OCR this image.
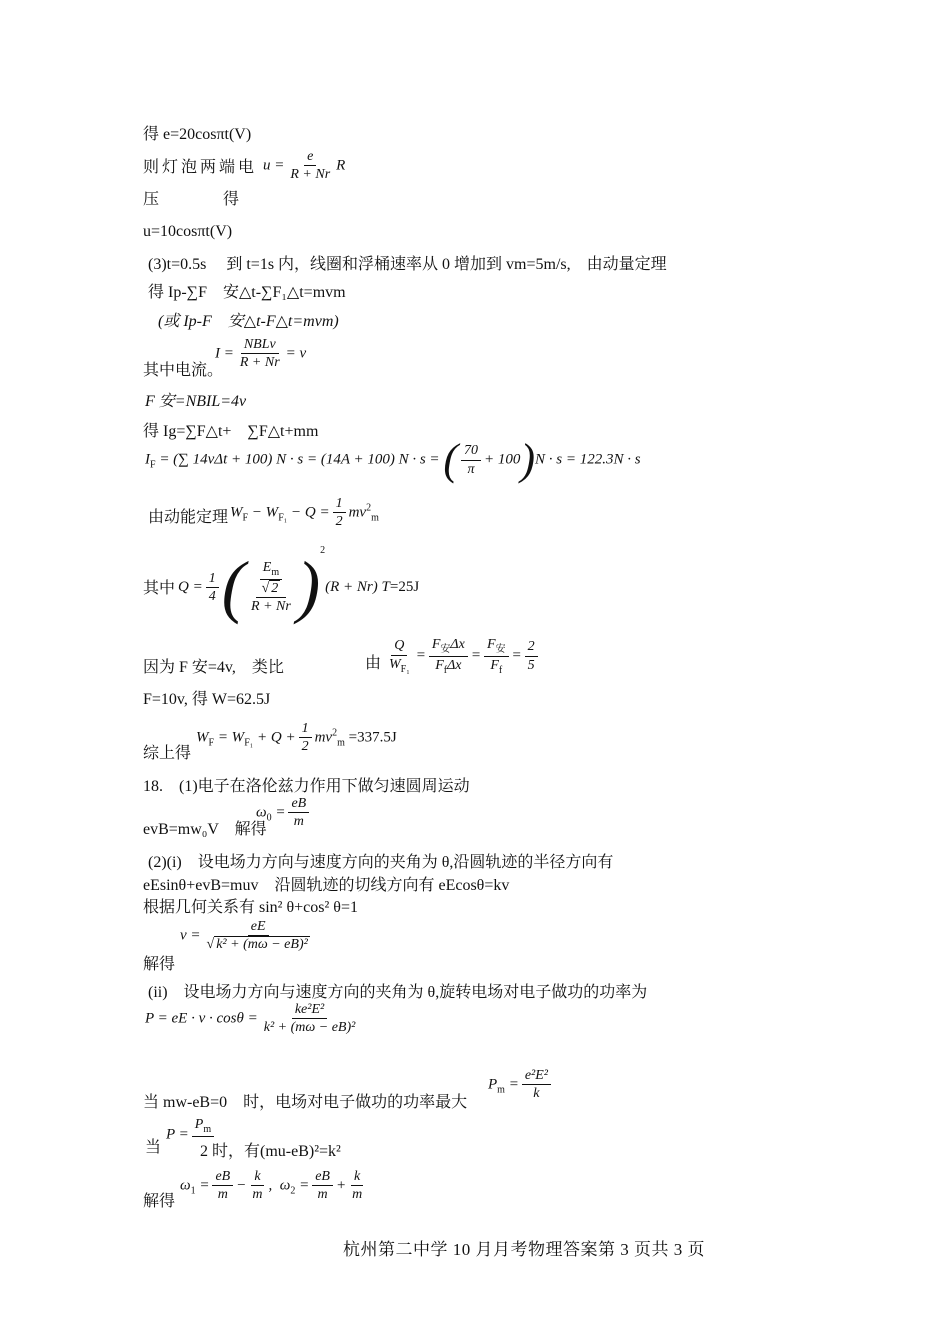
得 e=20cosπt(V)
则灯泡两端电 $u = \frac{e}{R + Nr}$ R
压　　　　得
u=10cosπt(V)
(3)t=0.5s　 到 t=1s 内，线圈和浮桶速率从 0 增加到 vm=5m/s,　由动量定理
得 Ip-∑F　安△t-∑F₁△t=mvm
(或 Ip-F　安△t-F△t=mvm)
其中电流。
$I = \frac{\text{NBLv}}{R + Nr} = v$
F 安=NBIL=4v
得 Ig=∑F△t+　∑F△t+mm
$I_F$ = (∑ 14vΔt + 100) N · s = (14A + 100) N · s = ( $\frac{70}{\pi} + 100)N \cdot s = 122.3N \cdot s$
由动能定理 $W_F - W_{F_1} - Q = \frac{1}{2} mv^2_m$
其中 $Q = \frac{1}{4}$ ( $\frac{\frac{E_m}{√ 2}}{R + Nr} )^2(R + Nr)$ T=25J
因为 F 安=4v,　类比	由 $\frac{Q}{W_{F_1}} = \frac{F_安\Delta x}{F_f\Delta x} = \frac{F_安}{F_f} = \frac{2}{5}$
F=10v, 得 W=62.5J
综上得
$W_F = W_{F_1} + Q + \frac{1}{2} mv^2_m =337.5J$
18.　(1)电子在洛伦兹力作用下做匀速圆周运动
evB=mw₀V　解得
$\omega_0 = \frac{eB}{m}$
(2)(i)　设电场力方向与速度方向的夹角为 θ,沿圆轨迹的半径方向有
eEsinθ+evB=muv　沿圆轨迹的切线方向有 eEcosθ=kv
根据几何关系有 sin² θ+cos² θ=1
解得
$v = \frac{eE}{\text{√ k² + (mω − eB)²}}$
(ii)　设电场力方向与速度方向的夹角为 θ,旋转电场对电子做功的功率为
P = eE · $v \cdot \cos\theta = \frac{\text{ke²E²}}{\text{k² + (mω − eB)²}}$
当 mw-eB=0　时，电场对电子做功的功率最大
$P_m = \frac{\text{e²E²}}{k}$
当
P =
$P_m$
2 时，有(mu-eB)²=k²
解得
$\omega_1 = \frac{eB}{m} - \frac{k}{m}$ ,  $\omega_2 = \frac{eB}{m} + \frac{k}{m}$
杭州第二中学 10 月月考物理答案第 3 页共 3 页
